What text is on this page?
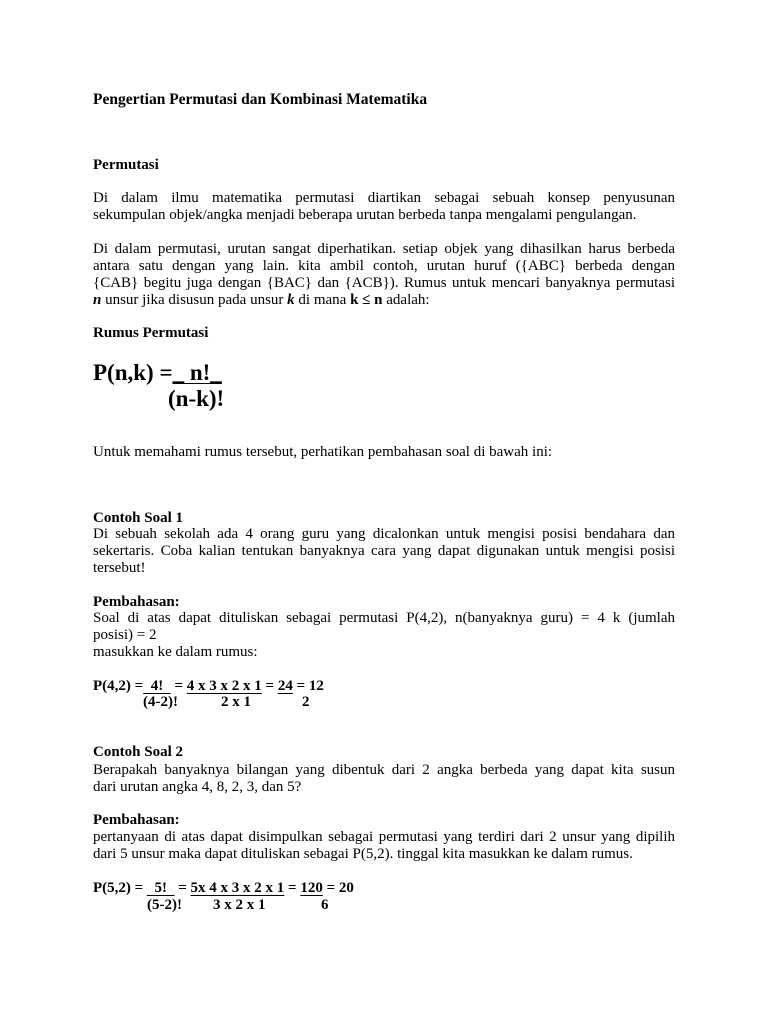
Pengertian Permutasi dan Kombinasi Matematika
Permutasi
Di dalam ilmu matematika permutasi diartikan sebagai sebuah konsep penyusunan
sekumpulan objek/angka menjadi beberapa urutan berbeda tanpa mengalami pengulangan.
Di dalam permutasi, urutan sangat diperhatikan. setiap objek yang dihasilkan harus berbeda
antara satu dengan yang lain. kita ambil contoh, urutan huruf ({ABC} berbeda dengan
{CAB} begitu juga dengan {BAC} dan {ACB}). Rumus untuk mencari banyaknya permutasi
n unsur jika disusun pada unsur k di mana k ≤ n adalah:
Rumus Permutasi
P(n,k) =_ n!_
(n-k)!
Untuk memahami rumus tersebut, perhatikan pembahasan soal di bawah ini:
Contoh Soal 1
Di sebuah sekolah ada 4 orang guru yang dicalonkan untuk mengisi posisi bendahara dan
sekertaris. Coba kalian tentukan banyaknya cara yang dapat digunakan untuk mengisi posisi
tersebut!
Pembahasan:
Soal di atas dapat dituliskan sebagai permutasi P(4,2), n(banyaknya guru) = 4 k (jumlah
posisi) = 2
masukkan ke dalam rumus:
P(4,2) =  4!   = 4 x 3 x 2 x 1 = 24 = 12
(4-2)!	2 x 1	2
Contoh Soal 2
Berapakah banyaknya bilangan yang dibentuk dari 2 angka berbeda yang dapat kita susun
dari urutan angka 4, 8, 2, 3, dan 5?
Pembahasan:
pertanyaan di atas dapat disimpulkan sebagai permutasi yang terdiri dari 2 unsur yang dipilih
dari 5 unsur maka dapat dituliskan sebagai P(5,2). tinggal kita masukkan ke dalam rumus.
P(5,2) =   5!   = 5x 4 x 3 x 2 x 1 = 120 = 20
(5-2)! 3 x 2 x 1	6
